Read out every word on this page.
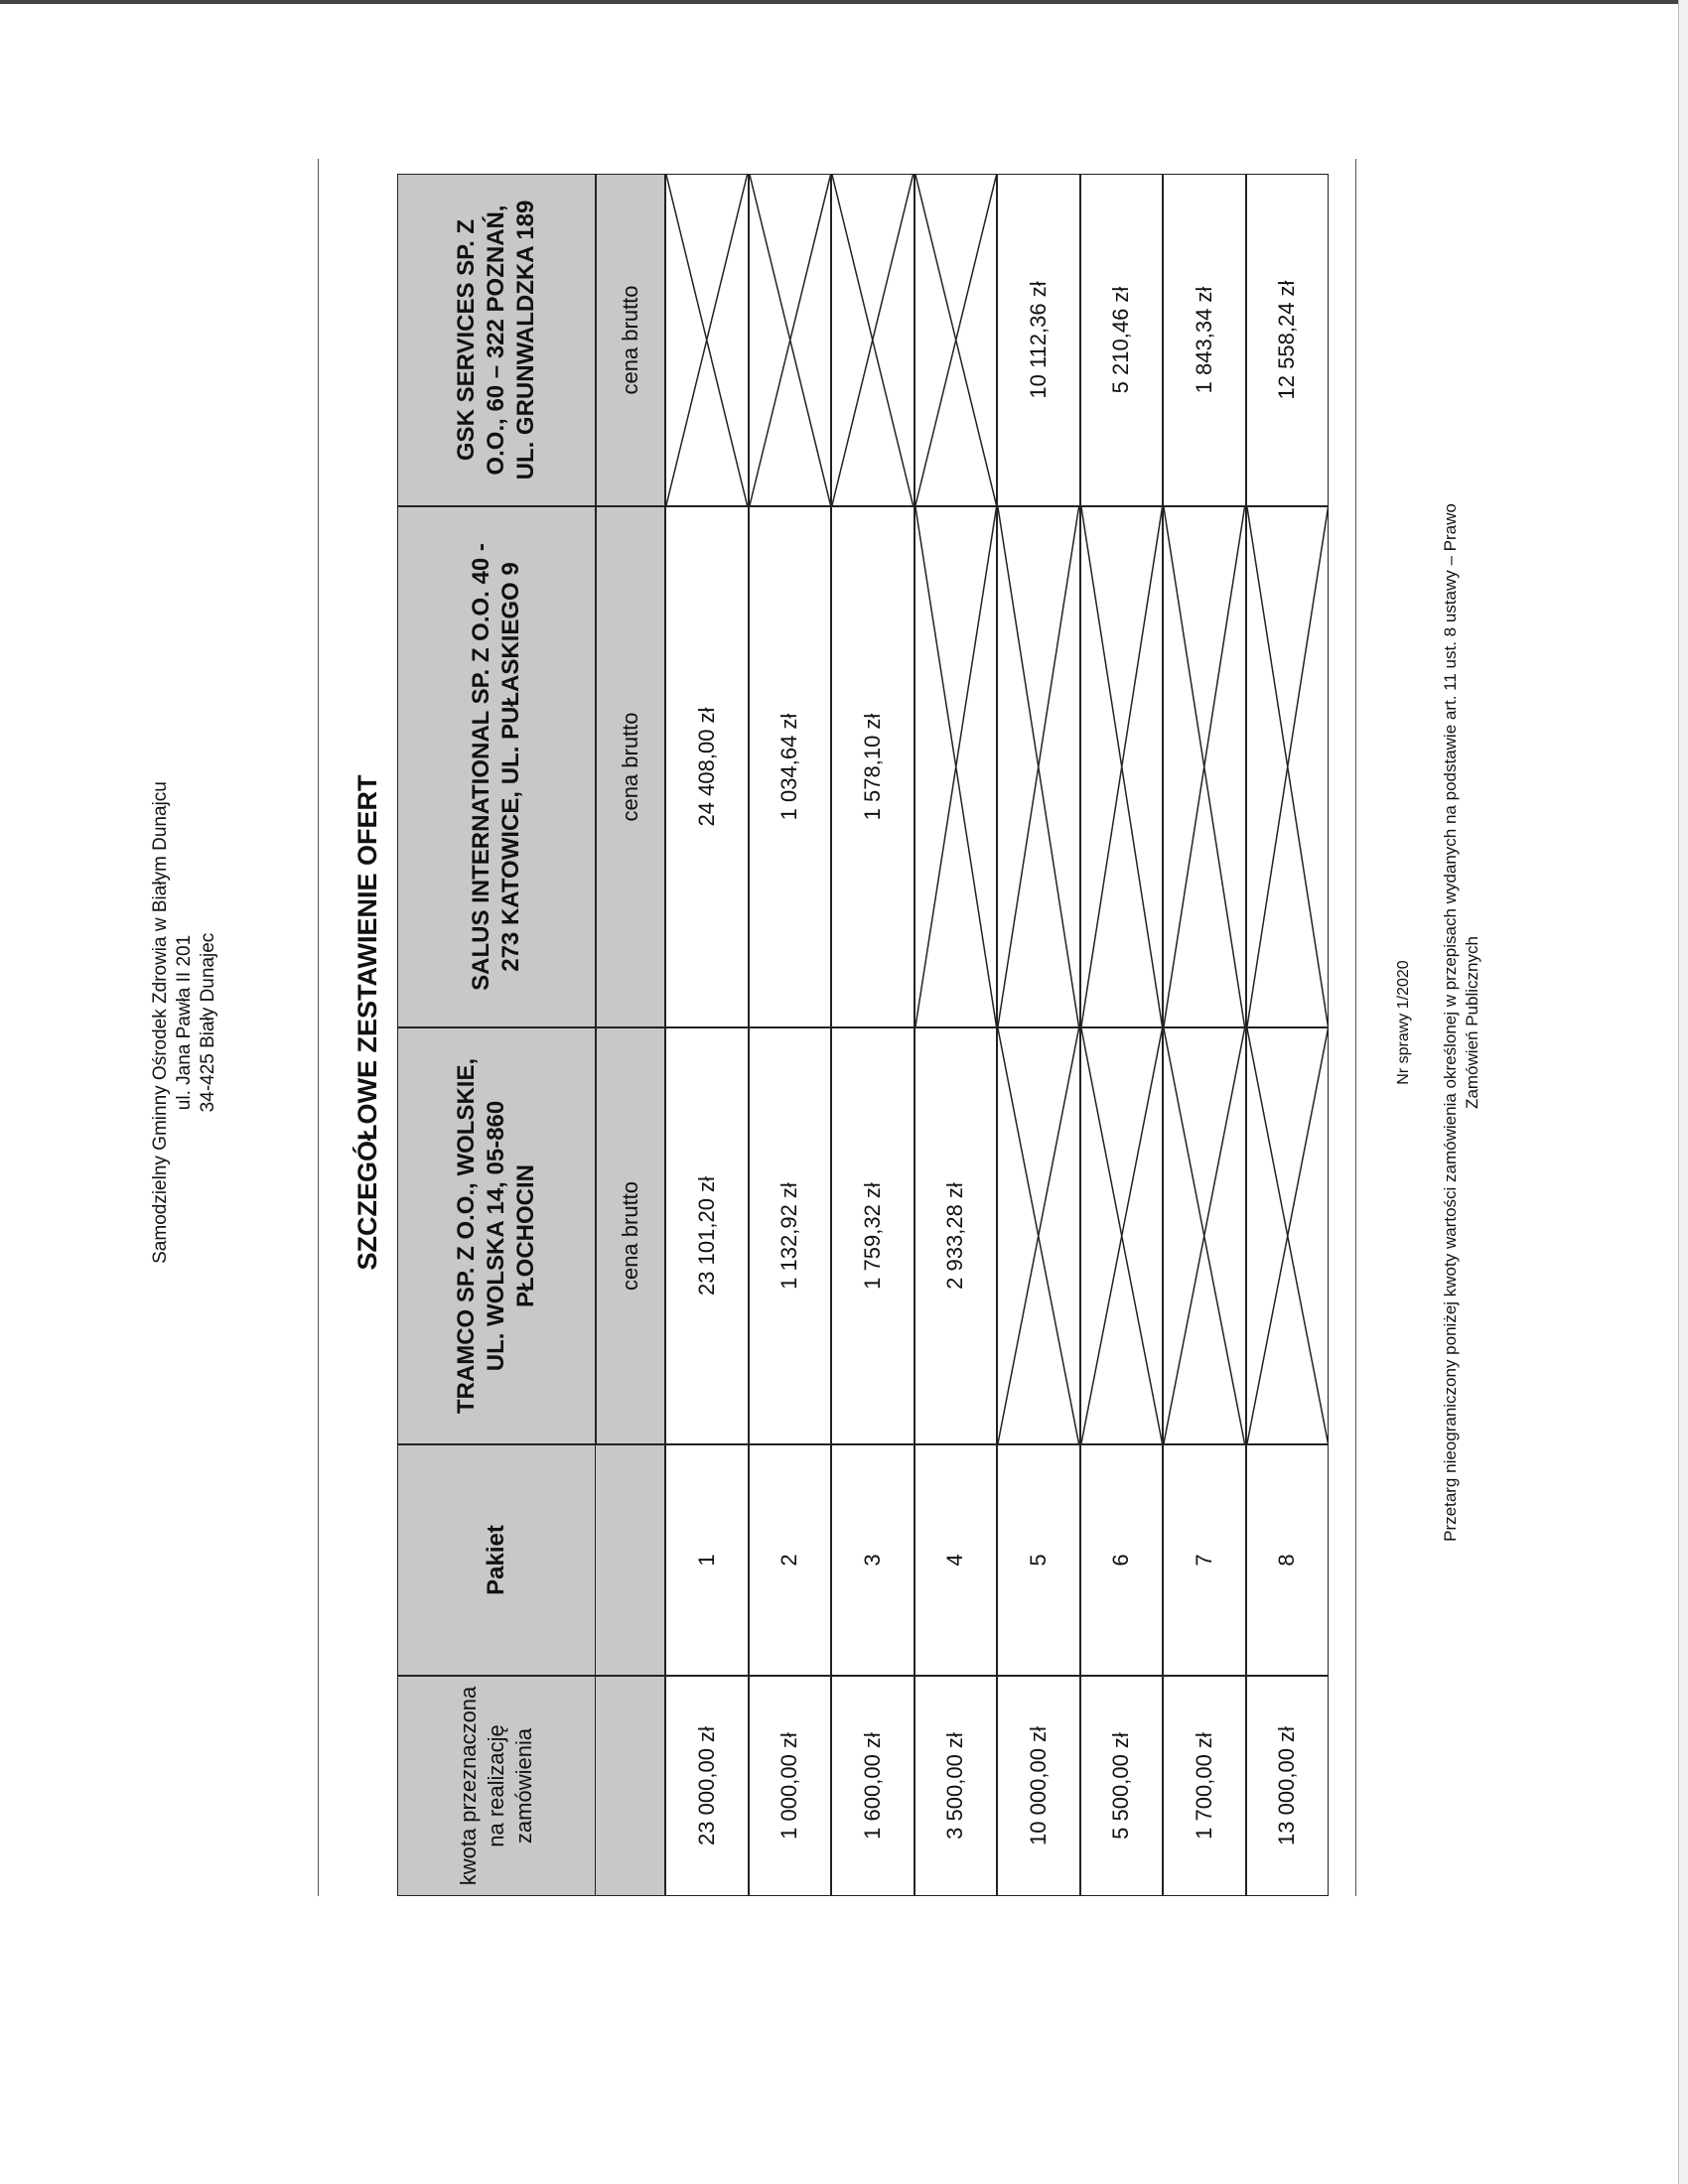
Samodzielny Gminny Ośrodek Zdrowia w Białym Dunajcu ul. Jana Pawła II 201 34-425 Biały Dunajec	SZCZEGÓŁOWE ZESTAWIENIE OFERT
kwota przeznaczona na realizację zamówienia
Pakiet
TRAMCO SP. Z O.O., WOLSKIE, UL. WOLSKA 14, 05-860 PŁOCHOCIN
SALUS INTERNATIONAL SP. Z O.O. 40 - 273 KATOWICE, UL. PUŁASKIEGO 9
GSK SERVICES SP. Z O.O., 60 – 322 POZNAŃ, UL. GRUNWALDZKA 189
cena brutto
cena brutto
cena brutto
23 000,00 zł
1
23 101,20 zł
24 408,00 zł
1 000,00 zł
2
1 132,92 zł
1 034,64 zł
1 600,00 zł
3
1 759,32 zł
1 578,10 zł
3 500,00 zł
4
2 933,28 zł
10 000,00 zł
5
10 112,36 zł
5 500,00 zł
6
5 210,46 zł
1 700,00 zł
7
1 843,34 zł
13 000,00 zł
8
12 558,24 zł
Nr sprawy 1/2020 Przetarg nieograniczony poniżej kwoty wartości zamówienia określonej w przepisach wydanych na podstawie art. 11 ust. 8 ustawy – Prawo Zamówień Publicznych
